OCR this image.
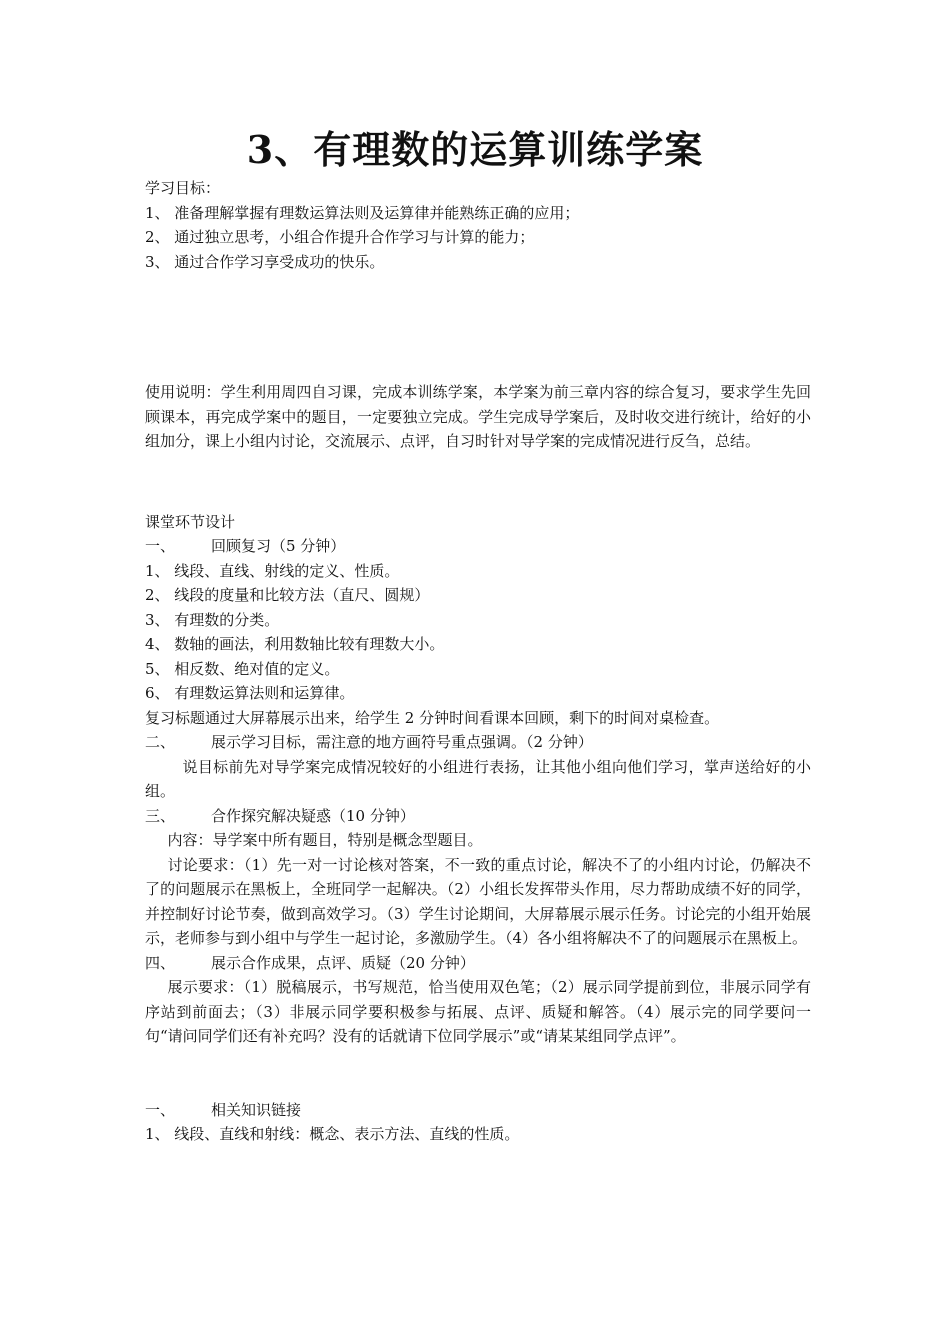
3、有理数的运算训练学案

学习目标：

1、 准备理解掌握有理数运算法则及运算律并能熟练正确的应用；

2、 通过独立思考，小组合作提升合作学习与计算的能力；

3、 通过合作学习享受成功的快乐。

使用说明：学生利用周四自习课，完成本训练学案，本学案为前三章内容的综合复习，要求学生先回顾课本，再完成学案中的题目，一定要独立完成。学生完成导学案后，及时收交进行统计，给好的小组加分，课上小组内讨论，交流展示、点评，自习时针对导学案的完成情况进行反刍，总结。

课堂环节设计

一、 回顾复习（5 分钟）

1、 线段、直线、射线的定义、性质。

2、 线段的度量和比较方法（直尺、圆规）

3、 有理数的分类。

4、 数轴的画法，利用数轴比较有理数大小。

5、 相反数、绝对值的定义。

6、 有理数运算法则和运算律。

复习标题通过大屏幕展示出来，给学生 2 分钟时间看课本回顾，剩下的时间对桌检查。

二、 展示学习目标，需注意的地方画符号重点强调。（2 分钟）

说目标前先对导学案完成情况较好的小组进行表扬，让其他小组向他们学习，掌声送给好的小组。

三、 合作探究解决疑惑（10 分钟）

内容：导学案中所有题目，特别是概念型题目。

讨论要求：（1）先一对一讨论核对答案，不一致的重点讨论，解决不了的小组内讨论，仍解决不了的问题展示在黑板上，全班同学一起解决。（2）小组长发挥带头作用，尽力帮助成绩不好的同学，并控制好讨论节奏，做到高效学习。（3）学生讨论期间，大屏幕展示展示任务。讨论完的小组开始展示，老师参与到小组中与学生一起讨论，多激励学生。（4）各小组将解决不了的问题展示在黑板上。

四、 展示合作成果，点评、质疑（20 分钟）

展示要求：（1）脱稿展示，书写规范，恰当使用双色笔；（2）展示同学提前到位，非展示同学有序站到前面去；（3）非展示同学要积极参与拓展、点评、质疑和解答。（4）展示完的同学要问一句“请问同学们还有补充吗？没有的话就请下位同学展示”或“请某某组同学点评”。

一、 相关知识链接

1、 线段、直线和射线：概念、表示方法、直线的性质。
